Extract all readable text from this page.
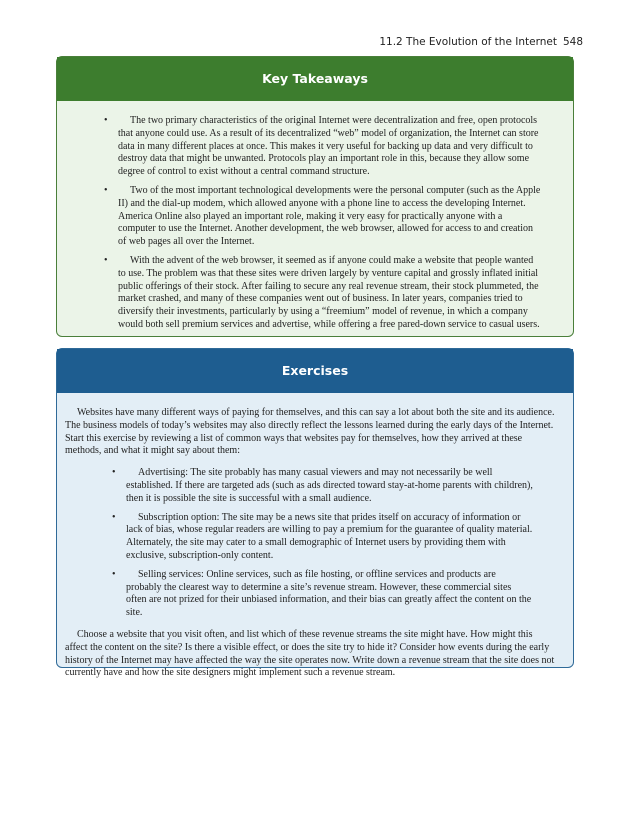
11.2 The Evolution of the Internet 548
Key Takeaways
• The two primary characteristics of the original Internet were decentralization and free, open protocols that anyone could use. As a result of its decentralized “web” model of organization, the Internet can store data in many different places at once. This makes it very useful for backing up data and very difficult to destroy data that might be unwanted. Protocols play an important role in this, because they allow some degree of control to exist without a central command structure.
• Two of the most important technological developments were the personal computer (such as the Apple II) and the dial-up modem, which allowed anyone with a phone line to access the developing Internet. America Online also played an important role, making it very easy for practically anyone with a computer to use the Internet. Another development, the web browser, allowed for access to and creation of web pages all over the Internet.
• With the advent of the web browser, it seemed as if anyone could make a website that people wanted to use. The problem was that these sites were driven largely by venture capital and grossly inflated initial public offerings of their stock. After failing to secure any real revenue stream, their stock plummeted, the market crashed, and many of these companies went out of business. In later years, companies tried to diversify their investments, particularly by using a “freemium” model of revenue, in which a company would both sell premium services and advertise, while offering a free pared-down service to casual users.
Exercises

Websites have many different ways of paying for themselves, and this can say a lot about both the site and its audience. The business models of today’s websites may also directly reflect the lessons learned during the early days of the Internet. Start this exercise by reviewing a list of common ways that websites pay for themselves, how they arrived at these methods, and what it might say about them:

• Advertising: The site probably has many casual viewers and may not necessarily be well established. If there are targeted ads (such as ads directed toward stay-at-home parents with children), then it is possible the site is successful with a small audience.
• Subscription option: The site may be a news site that prides itself on accuracy of information or lack of bias, whose regular readers are willing to pay a premium for the guarantee of quality material. Alternately, the site may cater to a small demographic of Internet users by providing them with exclusive, subscription-only content.
• Selling services: Online services, such as file hosting, or offline services and products are probably the clearest way to determine a site’s revenue stream. However, these commercial sites often are not prized for their unbiased information, and their bias can greatly affect the content on the site.

Choose a website that you visit often, and list which of these revenue streams the site might have. How might this affect the content on the site? Is there a visible effect, or does the site try to hide it? Consider how events during the early history of the Internet may have affected the way the site operates now. Write down a revenue stream that the site does not currently have and how the site designers might implement such a revenue stream.
